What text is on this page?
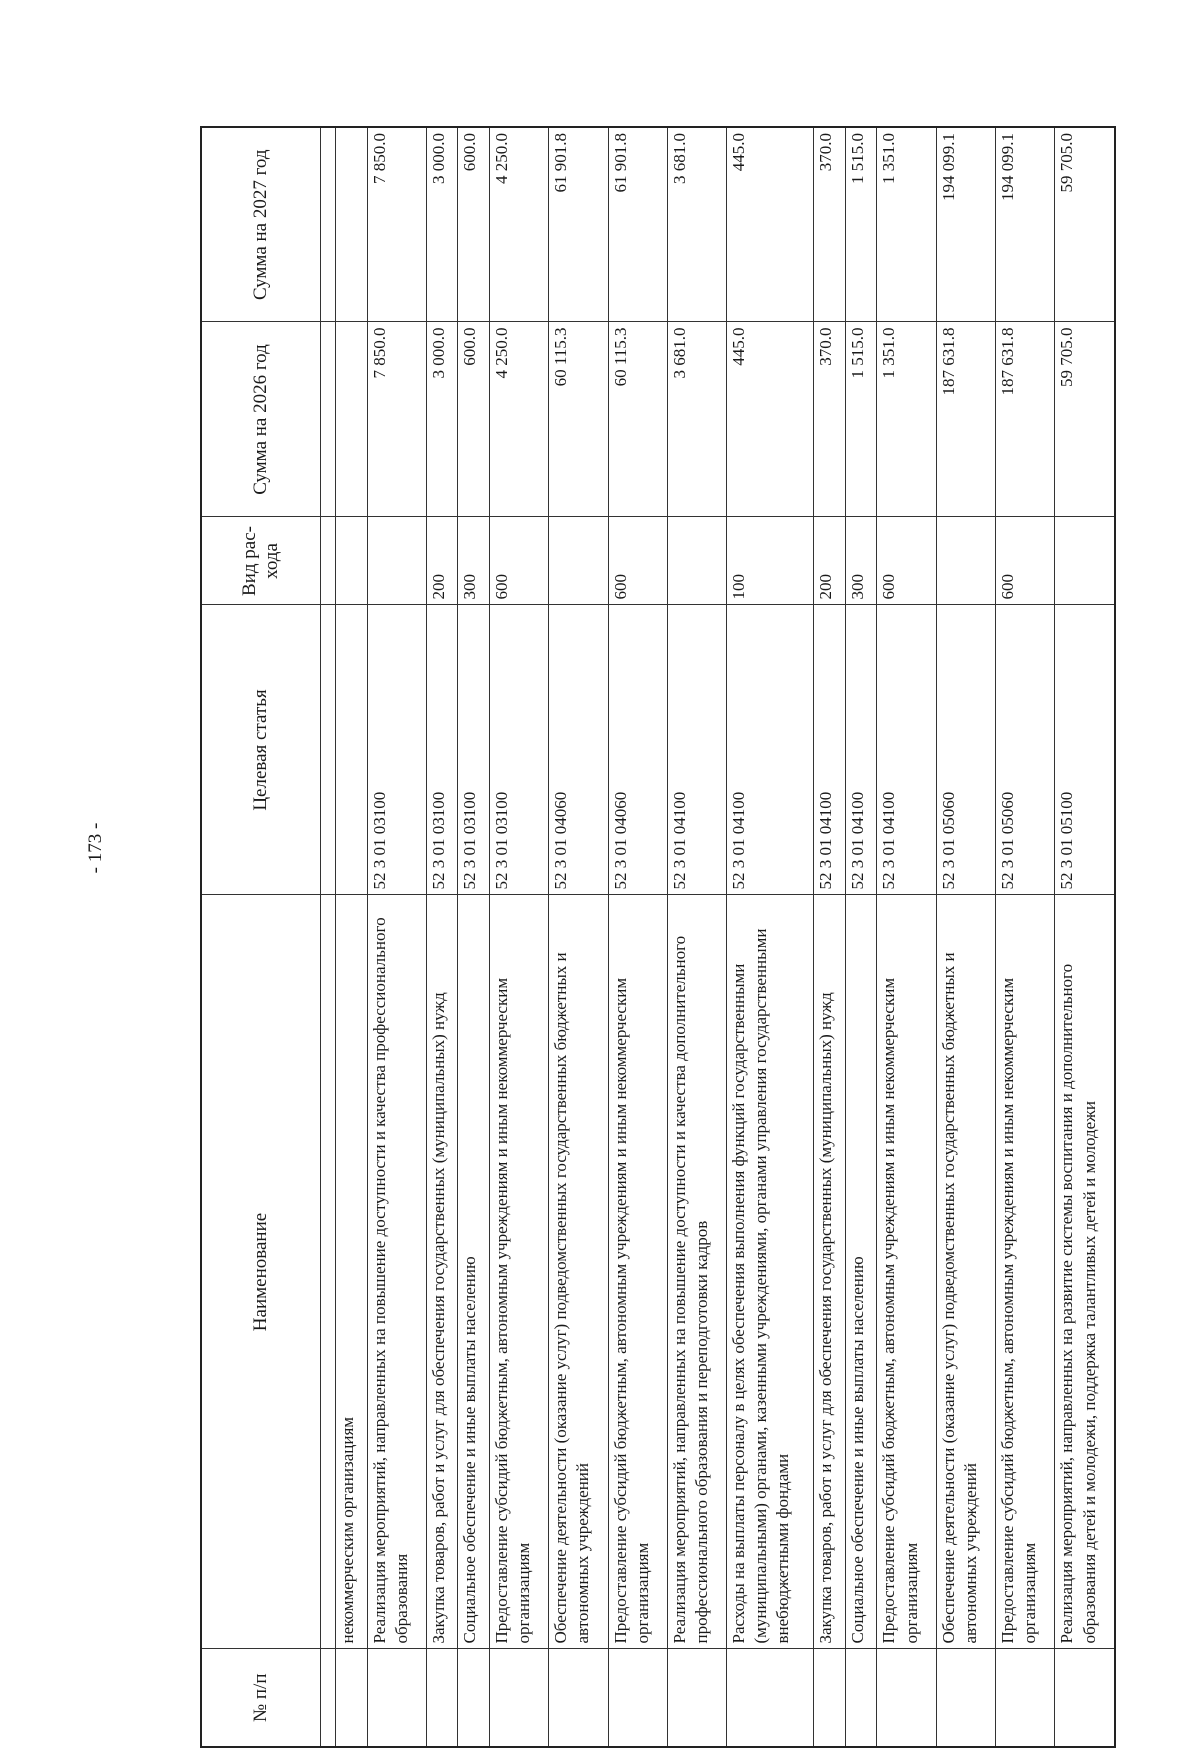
- 173 -
№ п/п	Наименование	Целевая статья	Вид рас- хода	Сумма на 2026 год	Сумма на 2027 год

	некоммерческим организациям				
	Реализация мероприятий, направленных на повышение доступности и качества профессионального образования	52 3 01 03100		7 850.0	7 850.0
	Закупка товаров, работ и услуг для обеспечения государственных (муниципальных) нужд	52 3 01 03100	200	3 000.0	3 000.0
	Социальное обеспечение и иные выплаты населению	52 3 01 03100	300	600.0	600.0
	Предоставление субсидий бюджетным, автономным учреждениям и иным некоммерческим организациям	52 3 01 03100	600	4 250.0	4 250.0
	Обеспечение деятельности (оказание услуг) подведомственных государственных бюджетных и автономных учреждений	52 3 01 04060		60 115.3	61 901.8
	Предоставление субсидий бюджетным, автономным учреждениям и иным некоммерческим организациям	52 3 01 04060	600	60 115.3	61 901.8
	Реализация мероприятий, направленных на повышение доступности и качества дополнительного профессионального образования и переподготовки кадров	52 3 01 04100		3 681.0	3 681.0
	Расходы на выплаты персоналу в целях обеспечения выполнения функций государственными (муниципальными) органами, казенными учреждениями, органами управления государственными внебюджетными фондами	52 3 01 04100	100	445.0	445.0
	Закупка товаров, работ и услуг для обеспечения государственных (муниципальных) нужд	52 3 01 04100	200	370.0	370.0
	Социальное обеспечение и иные выплаты населению	52 3 01 04100	300	1 515.0	1 515.0
	Предоставление субсидий бюджетным, автономным учреждениям и иным некоммерческим организациям	52 3 01 04100	600	1 351.0	1 351.0
	Обеспечение деятельности (оказание услуг) подведомственных государственных бюджетных и автономных учреждений	52 3 01 05060		187 631.8	194 099.1
	Предоставление субсидий бюджетным, автономным учреждениям и иным некоммерческим организациям	52 3 01 05060	600	187 631.8	194 099.1
	Реализация мероприятий, направленных на развитие системы воспитания и дополнительного образования детей и молодежи, поддержка талантливых детей и молодежи	52 3 01 05100		59 705.0	59 705.0
